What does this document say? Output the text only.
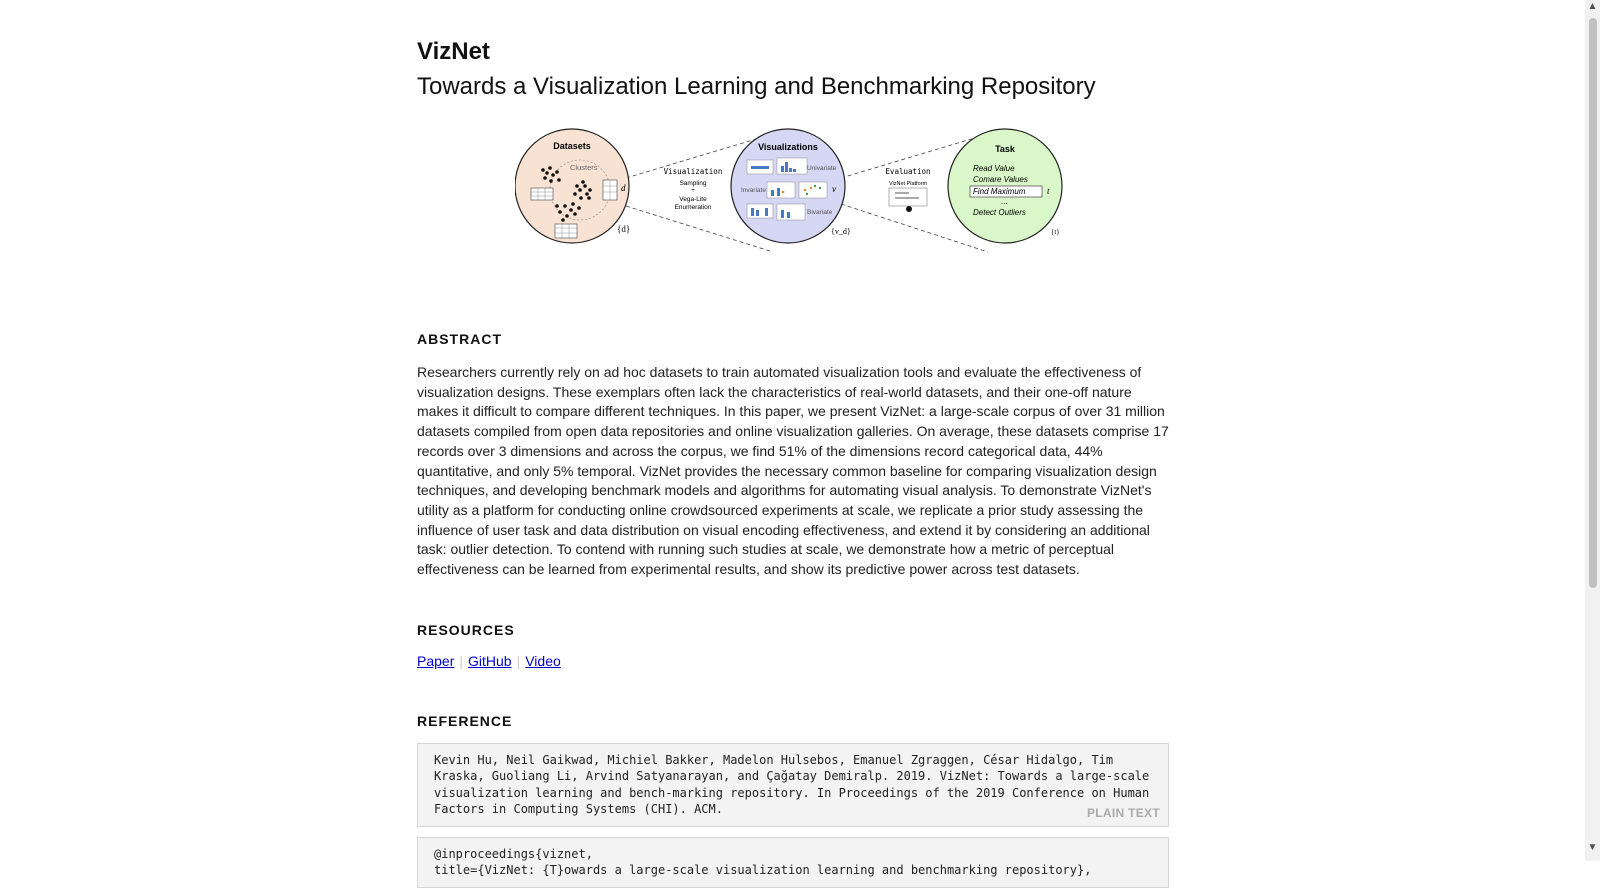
VizNet
Towards a Visualization Learning and Benchmarking Repository
Datasets
Clusters
d
{d}
Visualization
Sampling
+
Vega-Lite
Enumeration
Visualizations
Univariate
Invariate
Bivariate
v
{v_d}
Evaluation
VizNet Platform
Task
Read Value
Comare Values
Find Maximum
...
Detect Outliers
t
{t}
ABSTRACT
Researchers currently rely on ad hoc datasets to train automated visualization tools and evaluate the effectiveness of visualization designs. These exemplars often lack the characteristics of real-world datasets, and their one-off nature makes it difficult to compare different techniques. In this paper, we present VizNet: a large-scale corpus of over 31 million datasets compiled from open data repositories and online visualization galleries. On average, these datasets comprise 17 records over 3 dimensions and across the corpus, we find 51% of the dimensions record categorical data, 44% quantitative, and only 5% temporal. VizNet provides the necessary common baseline for comparing visualization design techniques, and developing benchmark models and algorithms for automating visual analysis. To demonstrate VizNet's utility as a platform for conducting online crowdsourced experiments at scale, we replicate a prior study assessing the influence of user task and data distribution on visual encoding effectiveness, and extend it by considering an additional task: outlier detection. To contend with running such studies at scale, we demonstrate how a metric of perceptual effectiveness can be learned from experimental results, and show its predictive power across test datasets.
RESOURCES
Paper | GitHub | Video
REFERENCE
Kevin Hu, Neil Gaikwad, Michiel Bakker, Madelon Hulsebos, Emanuel Zgraggen, César Hidalgo, Tim Kraska, Guoliang Li, Arvind Satyanarayan, and Çağatay Demiralp. 2019. VizNet: Towards a large-scale visualization learning and bench-marking repository. In Proceedings of the 2019 Conference on Human Factors in Computing Systems (CHI). ACM.	PLAIN TEXT
@inproceedings{viznet,
title={VizNet: {T}owards a large-scale visualization learning and benchmarking repository},
▲
▼
